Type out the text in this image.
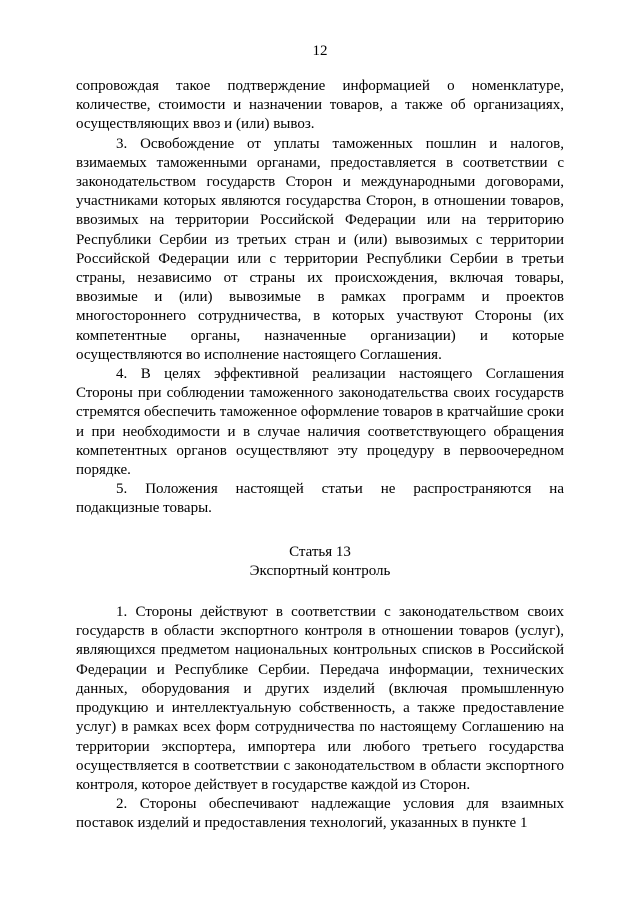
12

сопровождая такое подтверждение информацией о номенклатуре, количестве, стоимости и назначении товаров, а также об организациях, осуществляющих ввоз и (или) вывоз.

3. Освобождение от уплаты таможенных пошлин и налогов, взимаемых таможенными органами, предоставляется в соответствии с законодательством государств Сторон и международными договорами, участниками которых являются государства Сторон, в отношении товаров, ввозимых на территории Российской Федерации или на территорию Республики Сербии из третьих стран и (или) вывозимых с территории Российской Федерации или с территории Республики Сербии в третьи страны, независимо от страны их происхождения, включая товары, ввозимые и (или) вывозимые в рамках программ и проектов многостороннего сотрудничества, в которых участвуют Стороны (их компетентные органы, назначенные организации) и которые осуществляются во исполнение настоящего Соглашения.

4. В целях эффективной реализации настоящего Соглашения Стороны при соблюдении таможенного законодательства своих государств стремятся обеспечить таможенное оформление товаров в кратчайшие сроки и при необходимости и в случае наличия соответствующего обращения компетентных органов осуществляют эту процедуру в первоочередном порядке.

5. Положения настоящей статьи не распространяются на подакцизные товары.

Статья 13

Экспортный контроль

1. Стороны действуют в соответствии с законодательством своих государств в области экспортного контроля в отношении товаров (услуг), являющихся предметом национальных контрольных списков в Российской Федерации и Республике Сербии. Передача информации, технических данных, оборудования и других изделий (включая промышленную продукцию и интеллектуальную собственность, а также предоставление услуг) в рамках всех форм сотрудничества по настоящему Соглашению на территории экспортера, импортера или любого третьего государства осуществляется в соответствии с законодательством в области экспортного контроля, которое действует в государстве каждой из Сторон.

2. Стороны обеспечивают надлежащие условия для взаимных поставок изделий и предоставления технологий, указанных в пункте 1
